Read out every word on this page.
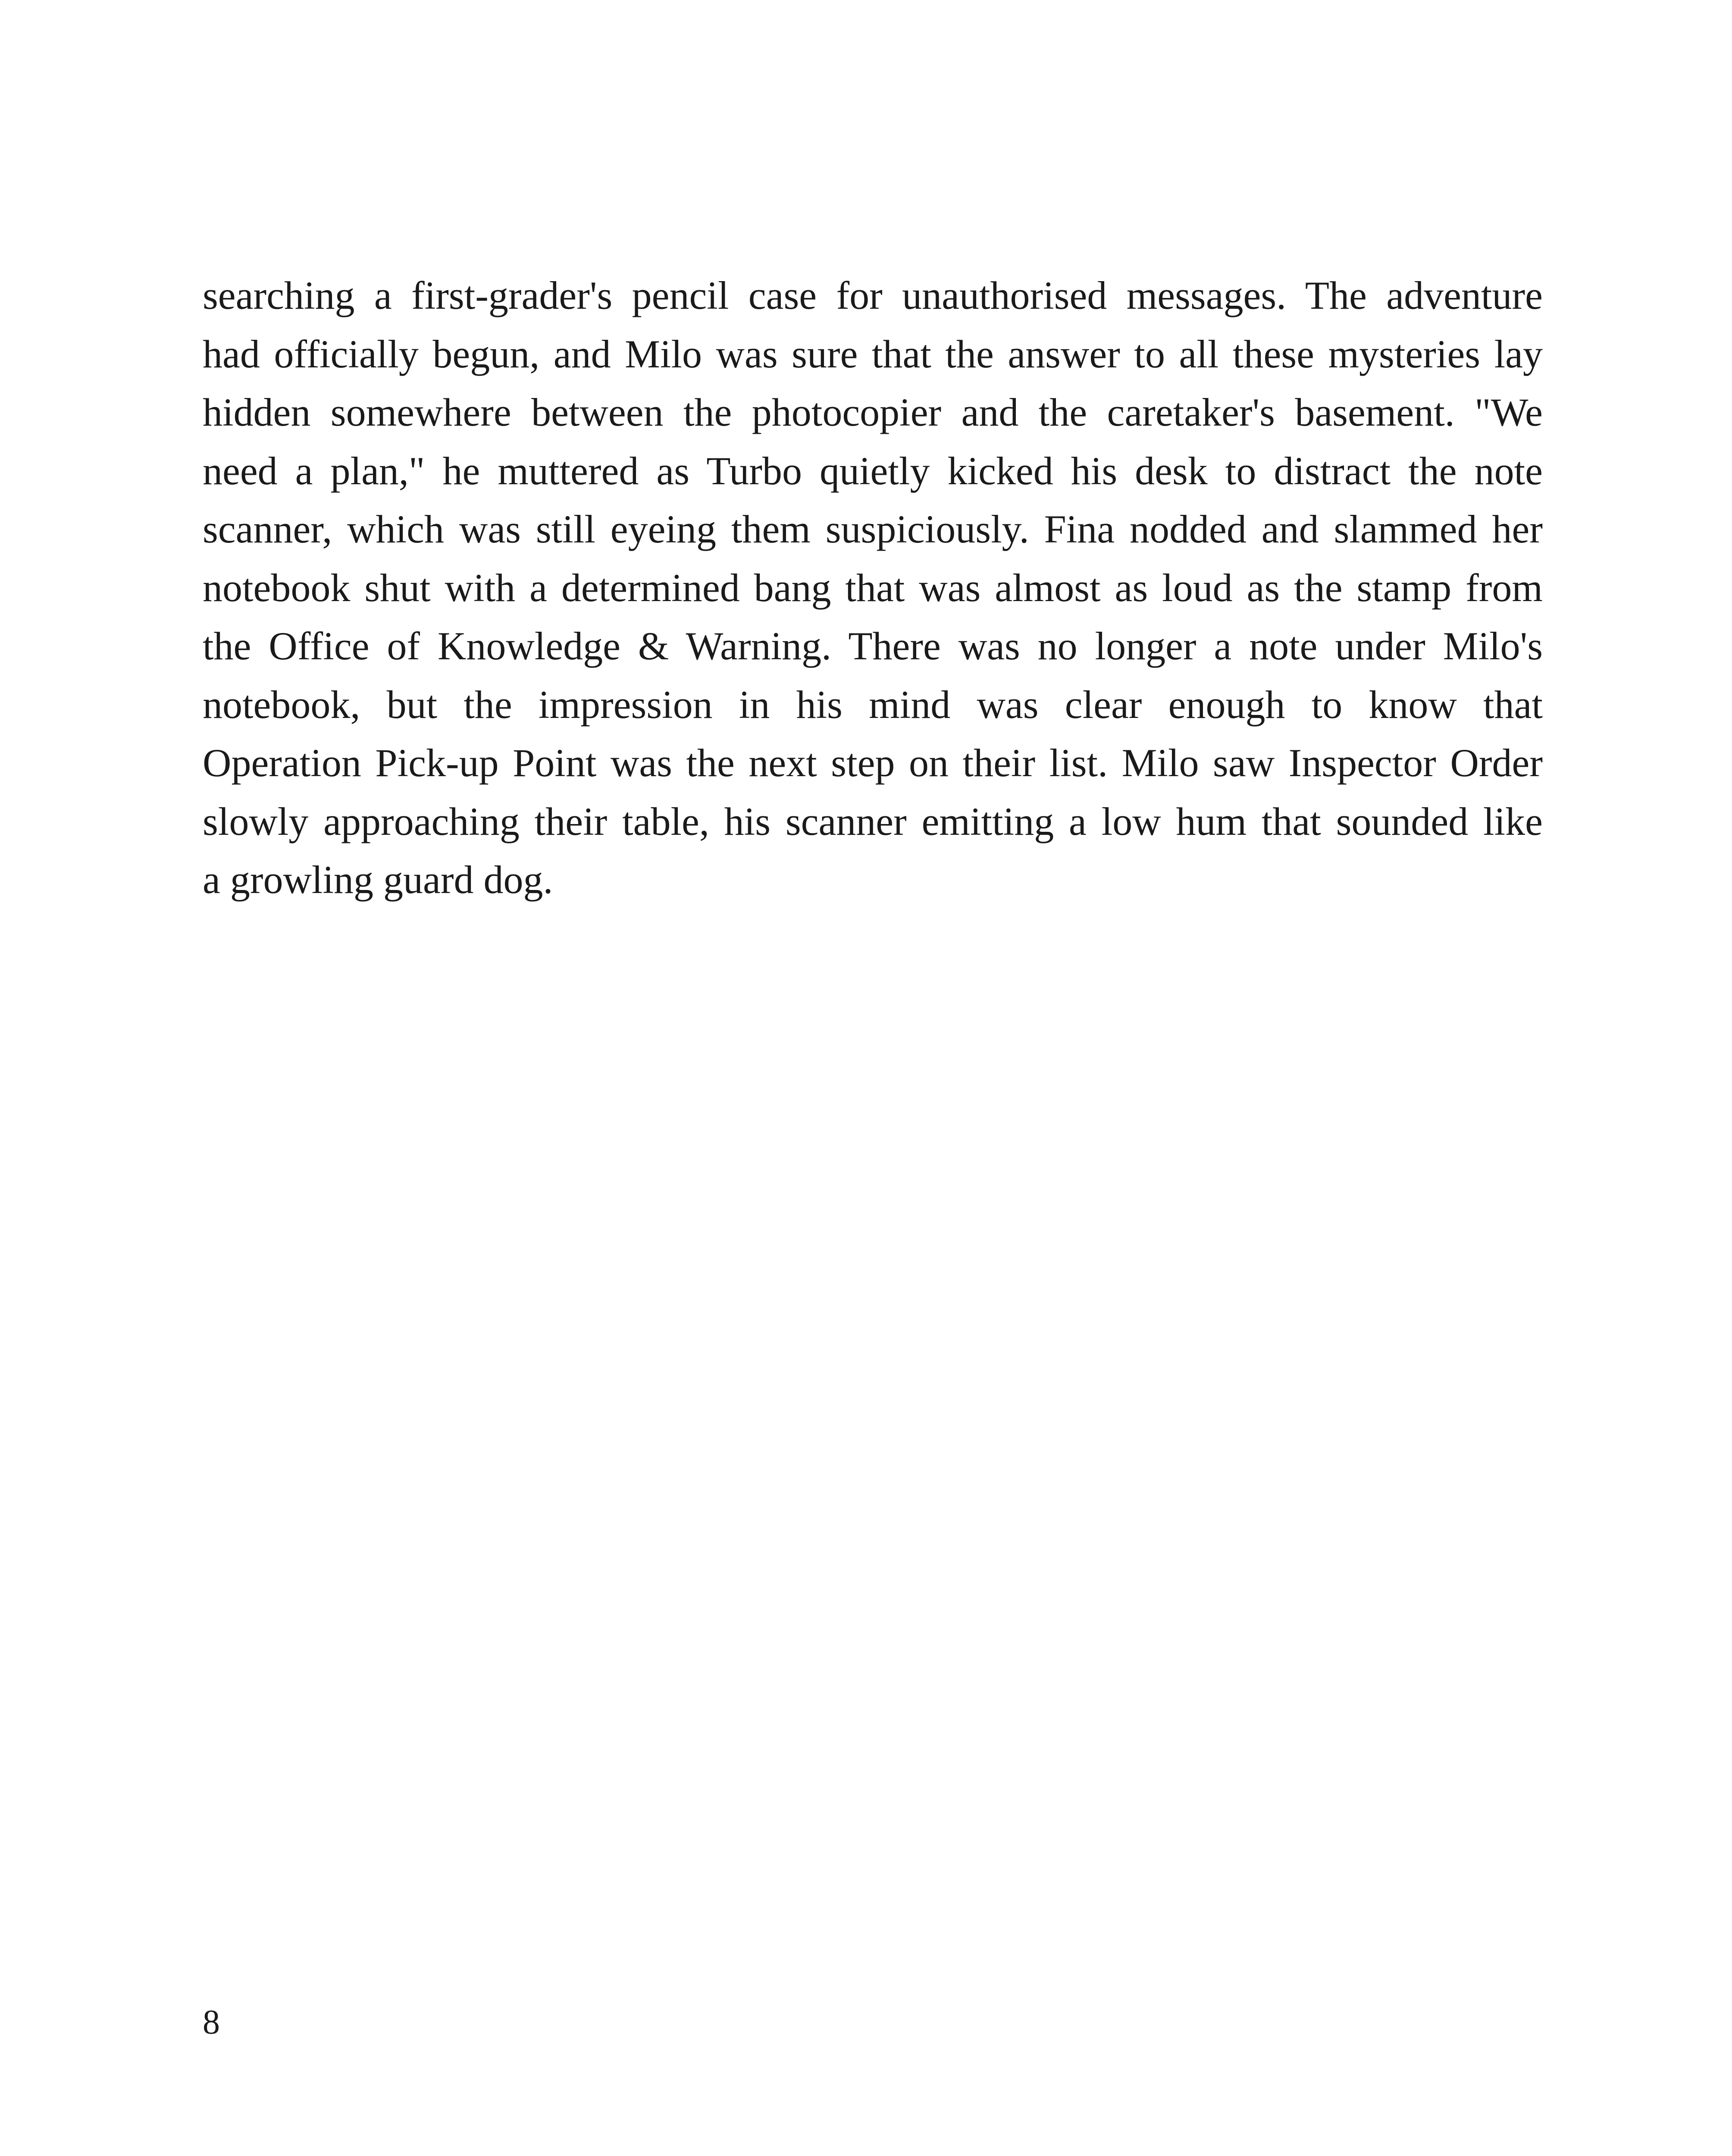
searching a first-grader's pencil case for unauthorised messages. The adventure
had officially begun, and Milo was sure that the answer to all these mysteries lay
hidden somewhere between the photocopier and the caretaker's basement. "We
need a plan," he muttered as Turbo quietly kicked his desk to distract the note
scanner, which was still eyeing them suspiciously. Fina nodded and slammed her
notebook shut with a determined bang that was almost as loud as the stamp from
the Office of Knowledge & Warning. There was no longer a note under Milo's
notebook, but the impression in his mind was clear enough to know that
Operation Pick-up Point was the next step on their list. Milo saw Inspector Order
slowly approaching their table, his scanner emitting a low hum that sounded like
a growling guard dog.

8
